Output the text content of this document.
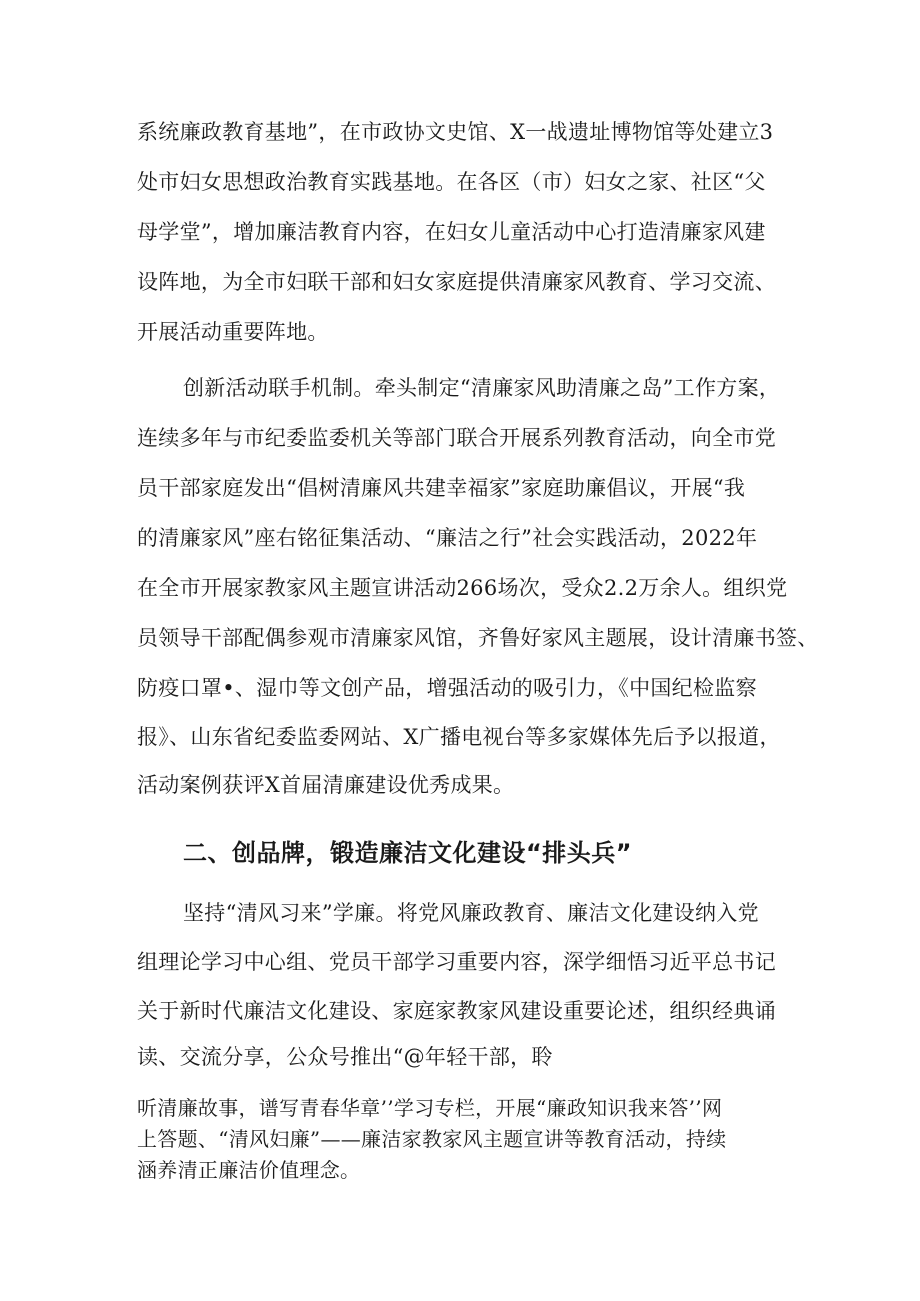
系统廉政教育基地”，在市政协文史馆、X一战遗址博物馆等处建立3
处市妇女思想政治教育实践基地。在各区（市）妇女之家、社区“父
母学堂”，增加廉洁教育内容，在妇女儿童活动中心打造清廉家风建
设阵地，为全市妇联干部和妇女家庭提供清廉家风教育、学习交流、
开展活动重要阵地。
创新活动联手机制。牵头制定“清廉家风助清廉之岛”工作方案，
连续多年与市纪委监委机关等部门联合开展系列教育活动，向全市党
员干部家庭发出“倡树清廉风共建幸福家”家庭助廉倡议，开展“我
的清廉家风”座右铭征集活动、“廉洁之行”社会实践活动，2022年
在全市开展家教家风主题宣讲活动266场次，受众2.2万余人。组织党
员领导干部配偶参观市清廉家风馆，齐鲁好家风主题展，设计清廉书签、
防疫口罩•、湿巾等文创产品，增强活动的吸引力，《中国纪检监察
报》、山东省纪委监委网站、X广播电视台等多家媒体先后予以报道，
活动案例获评X首届清廉建设优秀成果。
二、创品牌，锻造廉洁文化建设“排头兵”
坚持“清风习来”学廉。将党风廉政教育、廉洁文化建设纳入党
组理论学习中心组、党员干部学习重要内容，深学细悟习近平总书记
关于新时代廉洁文化建设、家庭家教家风建设重要论述，组织经典诵
读、交流分享，公众号推出“@年轻干部，聆
听清廉故事，谱写青春华章’’学习专栏，开展“廉政知识我来答’’网
上答题、“清风妇廉”——廉洁家教家风主题宣讲等教育活动，持续
涵养清正廉洁价值理念。
